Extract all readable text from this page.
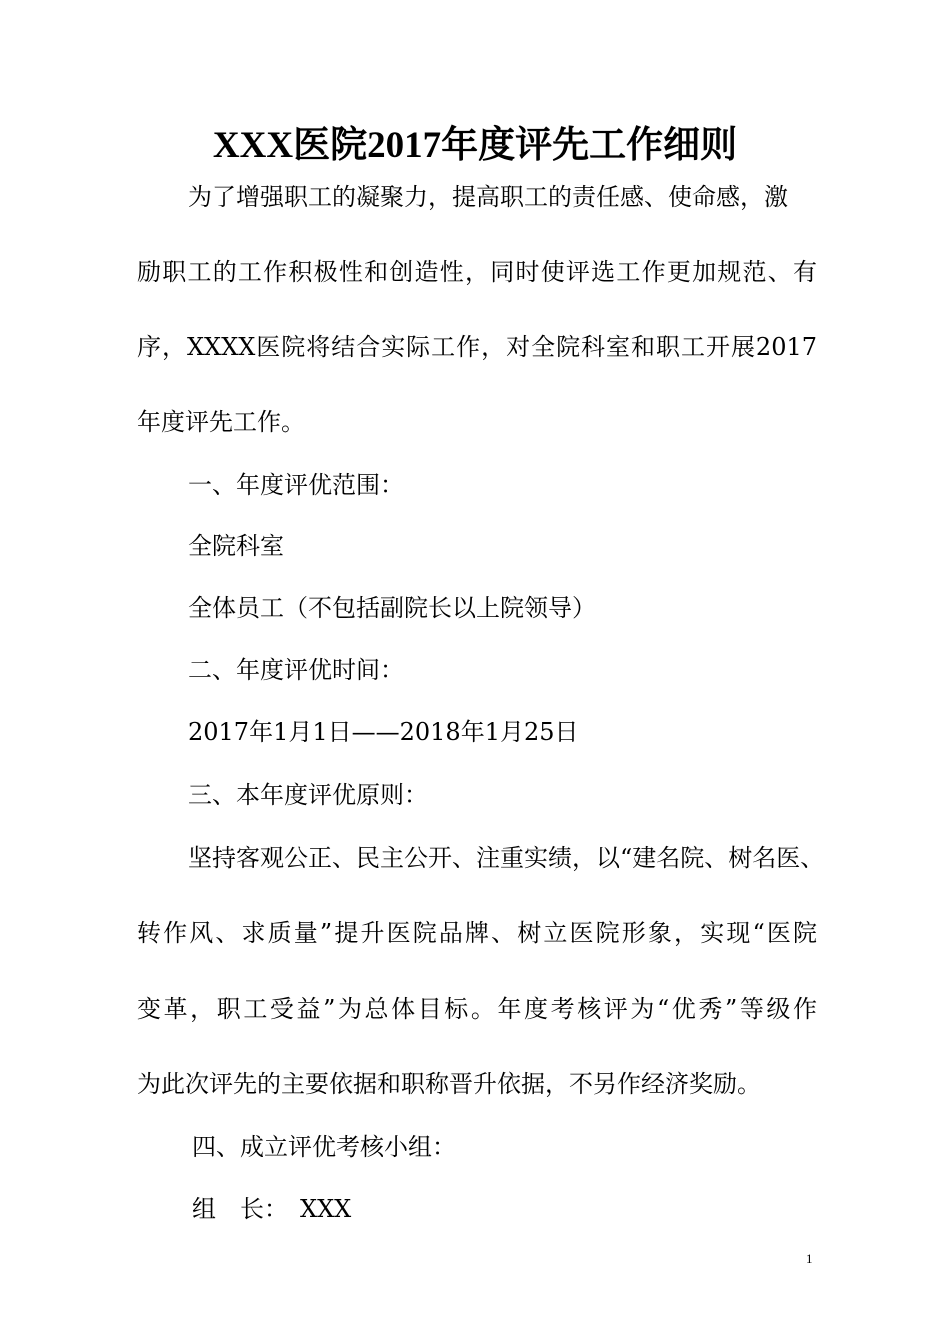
XXX医院2017年度评先工作细则
为了增强职工的凝聚力，提高职工的责任感、使命感，激
励职工的工作积极性和创造性，同时使评选工作更加规范、有
序，XXXX医院将结合实际工作，对全院科室和职工开展2017
年度评先工作。
一、年度评优范围：
全院科室
全体员工（不包括副院长以上院领导）
二、年度评优时间：
2017年1月1日——2018年1月25日
三、本年度评优原则：
坚持客观公正、民主公开、注重实绩，以“建名院、树名医、
转作风、求质量”提升医院品牌、树立医院形象，实现“医院
变革，职工受益”为总体目标。年度考核评为“优秀”等级作
为此次评先的主要依据和职称晋升依据，不另作经济奖励。
四、成立评优考核小组：
组　长：　XXX
1
